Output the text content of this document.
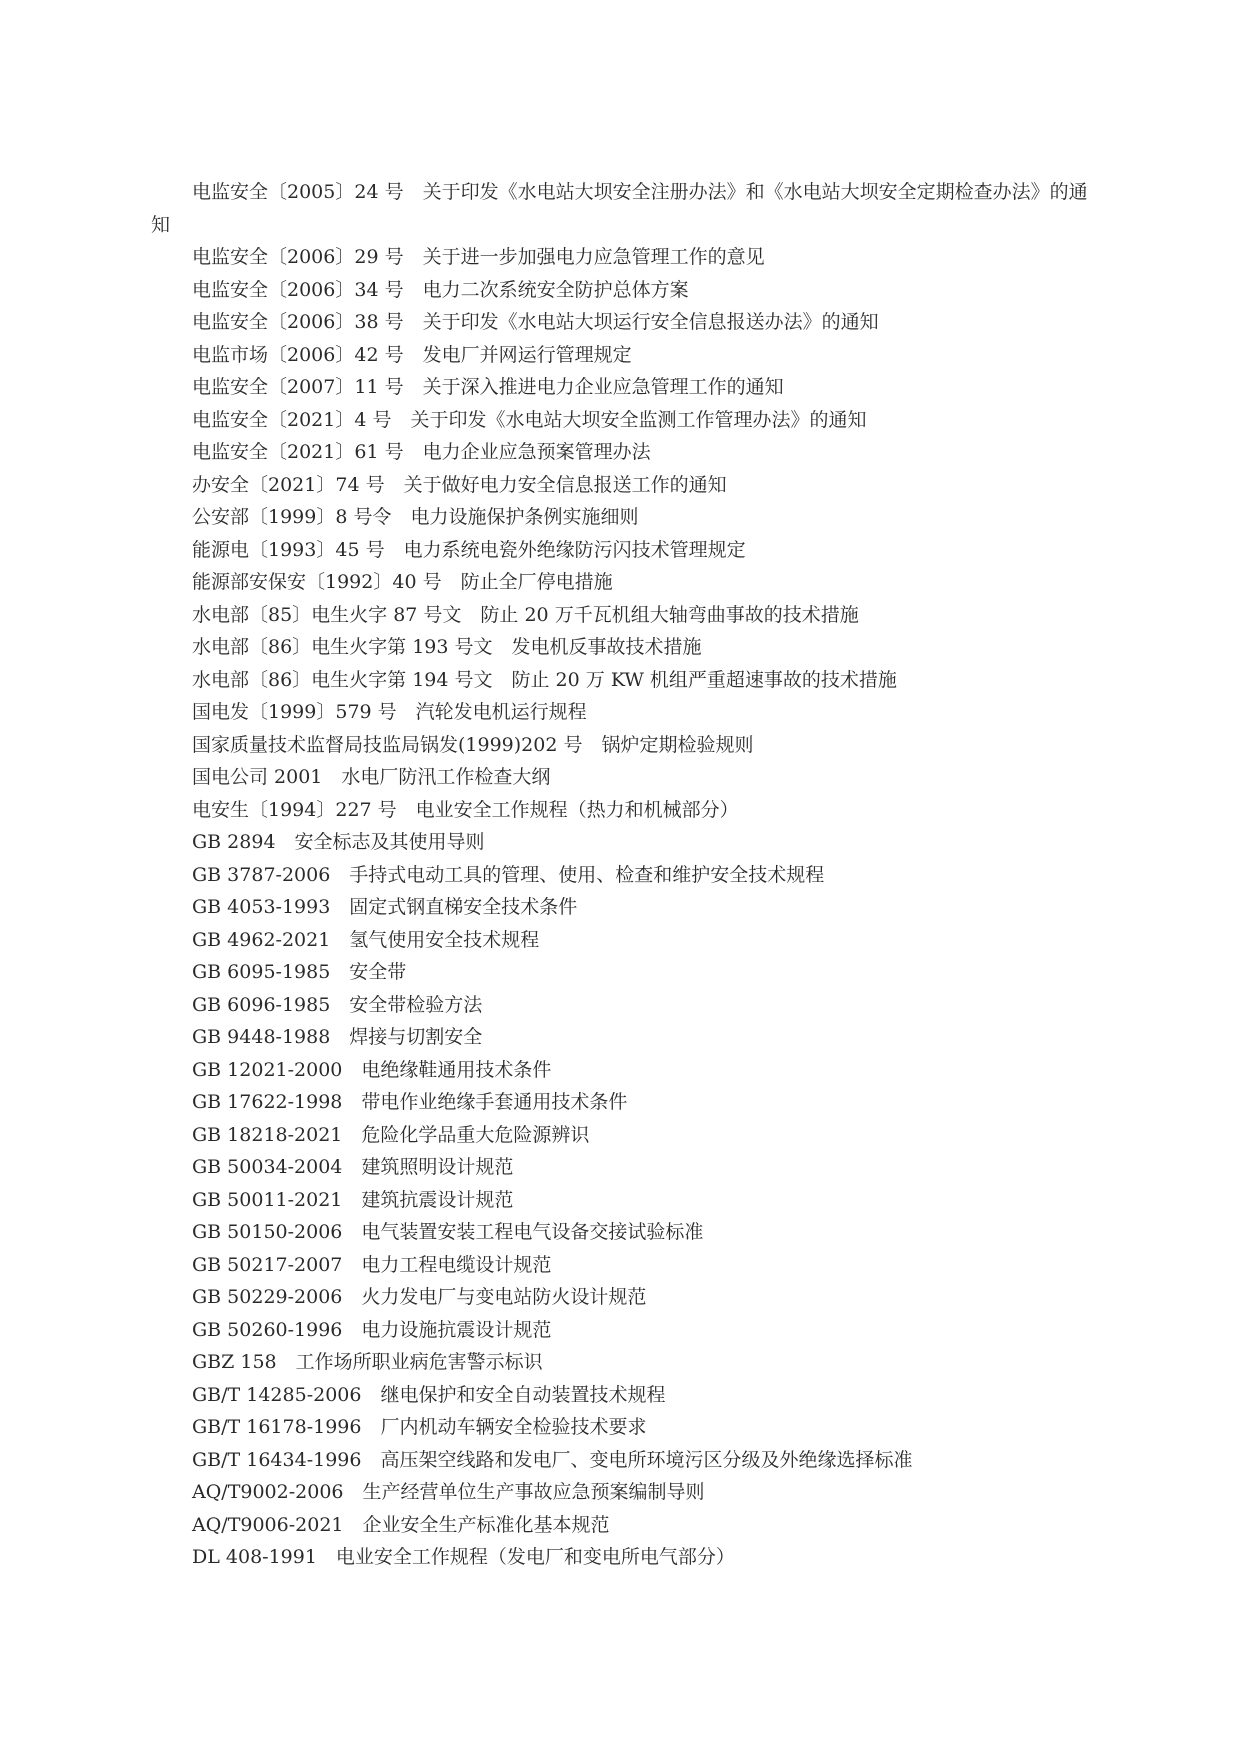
电监安全〔2005〕24 号　关于印发《水电站大坝安全注册办法》和《水电站大坝安全定期检查办法》的通知

电监安全〔2006〕29 号　关于进一步加强电力应急管理工作的意见

电监安全〔2006〕34 号　电力二次系统安全防护总体方案

电监安全〔2006〕38 号　关于印发《水电站大坝运行安全信息报送办法》的通知

电监市场〔2006〕42 号　发电厂并网运行管理规定

电监安全〔2007〕11 号　关于深入推进电力企业应急管理工作的通知

电监安全〔2021〕4 号　关于印发《水电站大坝安全监测工作管理办法》的通知

电监安全〔2021〕61 号　电力企业应急预案管理办法

办安全〔2021〕74 号　关于做好电力安全信息报送工作的通知

公安部〔1999〕8 号令　电力设施保护条例实施细则

能源电〔1993〕45 号　电力系统电瓷外绝缘防污闪技术管理规定

能源部安保安〔1992〕40 号　防止全厂停电措施

水电部〔85〕电生火字 87 号文　防止 20 万千瓦机组大轴弯曲事故的技术措施

水电部〔86〕电生火字第 193 号文　发电机反事故技术措施

水电部〔86〕电生火字第 194 号文　防止 20 万 KW 机组严重超速事故的技术措施

国电发〔1999〕579 号　汽轮发电机运行规程

国家质量技术监督局技监局锅发(1999)202 号　锅炉定期检验规则

国电公司 2001　水电厂防汛工作检查大纲

电安生〔1994〕227 号　电业安全工作规程（热力和机械部分）

GB 2894　安全标志及其使用导则

GB 3787-2006　手持式电动工具的管理、使用、检查和维护安全技术规程

GB 4053-1993　固定式钢直梯安全技术条件

GB 4962-2021　氢气使用安全技术规程

GB 6095-1985　安全带

GB 6096-1985　安全带检验方法

GB 9448-1988　焊接与切割安全

GB 12021-2000　电绝缘鞋通用技术条件

GB 17622-1998　带电作业绝缘手套通用技术条件

GB 18218-2021　危险化学品重大危险源辨识

GB 50034-2004　建筑照明设计规范

GB 50011-2021　建筑抗震设计规范

GB 50150-2006　电气装置安装工程电气设备交接试验标准

GB 50217-2007　电力工程电缆设计规范

GB 50229-2006　火力发电厂与变电站防火设计规范

GB 50260-1996　电力设施抗震设计规范

GBZ 158　工作场所职业病危害警示标识

GB/T 14285-2006　继电保护和安全自动装置技术规程

GB/T 16178-1996　厂内机动车辆安全检验技术要求

GB/T 16434-1996　高压架空线路和发电厂、变电所环境污区分级及外绝缘选择标准

AQ/T9002-2006　生产经营单位生产事故应急预案编制导则

AQ/T9006-2021　企业安全生产标准化基本规范

DL 408-1991　电业安全工作规程（发电厂和变电所电气部分）
